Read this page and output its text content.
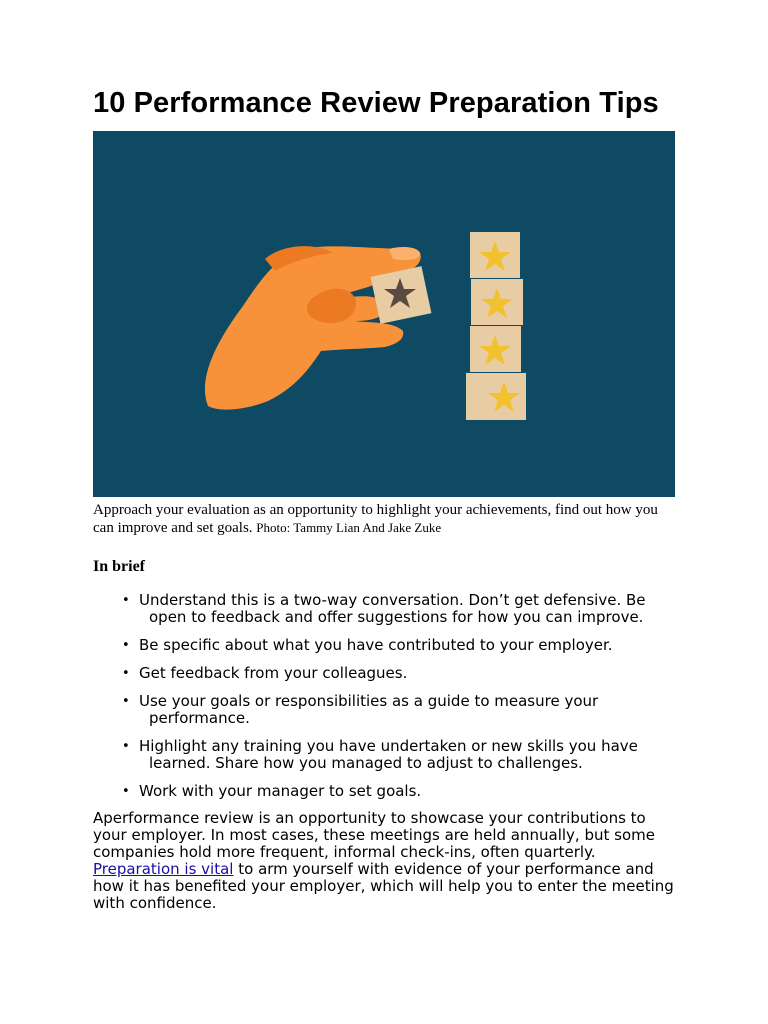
10 Performance Review Preparation Tips
Approach your evaluation as an opportunity to highlight your achievements, find out how you can improve and set goals. Photo: Tammy Lian And Jake Zuke
In brief
• Understand this is a two-way conversation. Don’t get defensive. Be open to feedback and offer suggestions for how you can improve.
• Be specific about what you have contributed to your employer.
• Get feedback from your colleagues.
• Use your goals or responsibilities as a guide to measure your performance.
• Highlight any training you have undertaken or new skills you have learned. Share how you managed to adjust to challenges.
• Work with your manager to set goals.

Aperformance review is an opportunity to showcase your contributions to your employer. In most cases, these meetings are held annually, but some companies hold more frequent, informal check-ins, often quarterly. Preparation is vital to arm yourself with evidence of your performance and how it has benefited your employer, which will help you to enter the meeting with confidence.
